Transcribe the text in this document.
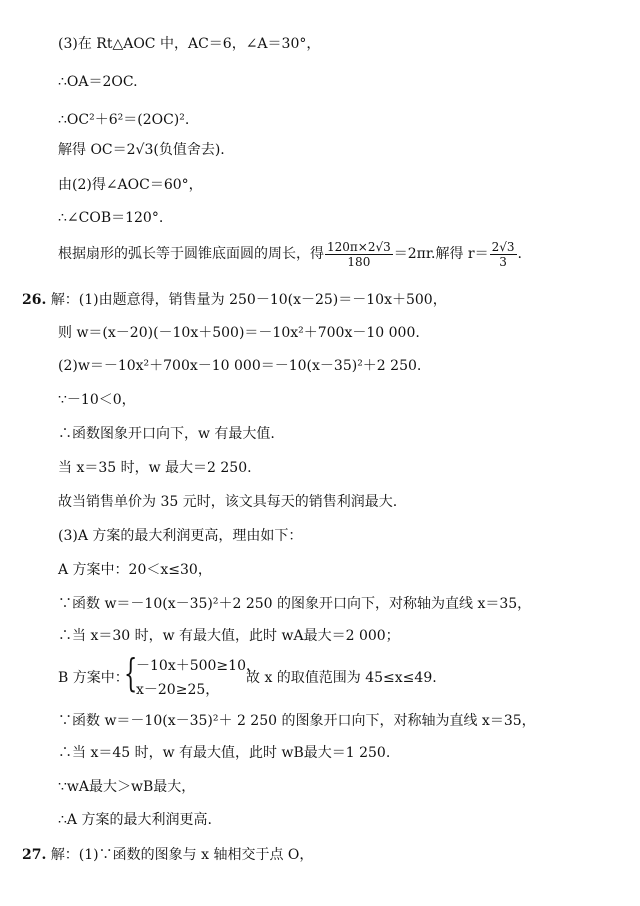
(3)在 Rt△AOC 中，AC＝6，∠A＝30°，
∴OA＝2OC.
∴OC²＋6²＝(2OC)².
解得 OC＝2√3(负值舍去).
由(2)得∠AOC＝60°，
∴∠COB＝120°.
根据扇形的弧长等于圆锥底面圆的周长，得 $\frac{120\pi\times 2√3}{180} =2\pi r$.解得 $r= \frac{2√3}{3}$ .
26. 解：(1)由题意得，销售量为 250－10(x－25)＝－10x＋500，
则 w＝(x－20)(－10x＋500)＝－10x²＋700x－10 000.
(2)w＝－10x²＋700x－10 000＝－10(x－35)²＋2 250.
∵－10＜0，
∴函数图象开口向下，w 有最大值.
当 x＝35 时，w 最大＝2 250.
故当销售单价为 35 元时，该文具每天的销售利润最大.
(3)A 方案的最大利润更高，理由如下：
A 方案中：20＜x≤30，
∵函数 w＝－10(x－35)²＋2 250 的图象开口向下，对称轴为直线 x＝35，
∴当 x＝30 时，w 有最大值，此时 wA最大＝2 000；
B 方案中：
{
－10x＋500≥10，
x－20≥25，
故 x 的取值范围为 45≤x≤49.
∵函数 w＝－10(x－35)²＋ 2 250 的图象开口向下，对称轴为直线 x＝35，
∴当 x＝45 时，w 有最大值，此时 wB最大＝1 250.
∵wA最大＞wB最大，
∴A 方案的最大利润更高.
27. 解：(1)∵函数的图象与 x 轴相交于点 O，
